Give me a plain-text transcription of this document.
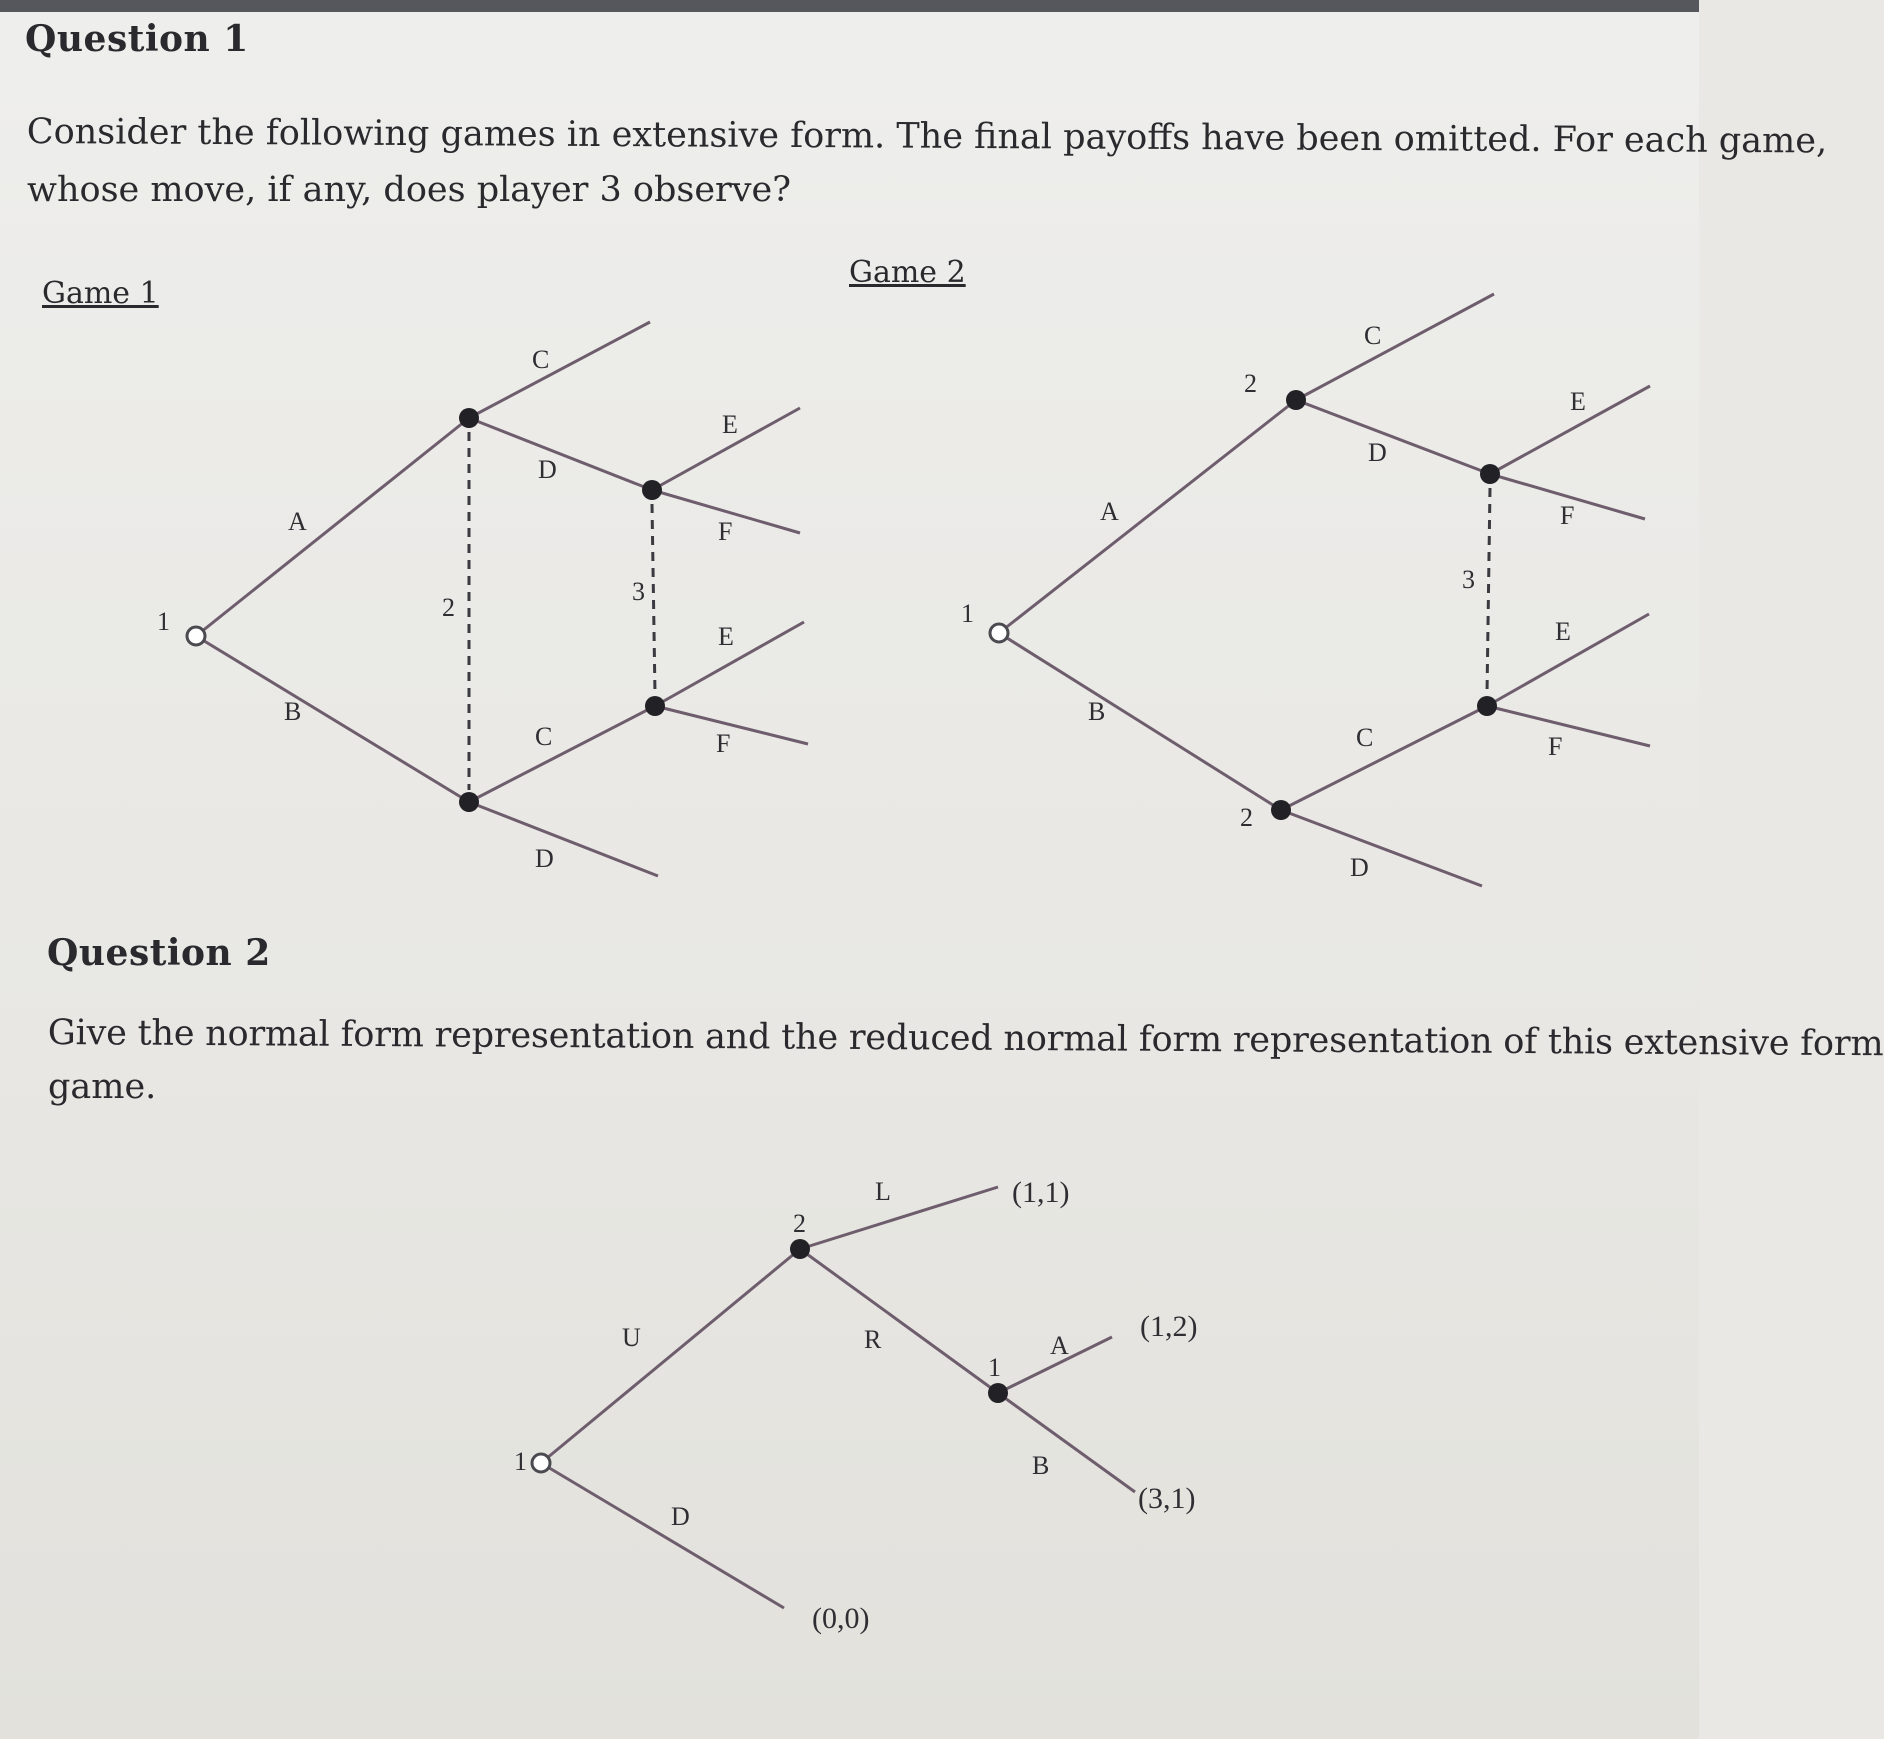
Question 1
Consider the following games in extensive form. The final payoffs have been omitted. For each game,
whose move, if any, does player 3 observe?
Game 1
Game 2
1
A
B
2
C
D
C
D
3
E
F
E
F
1
A
B
2
2
C
D
C
D
3
E
F
E
F
Question 2
Give the normal form representation and the reduced normal form representation of this extensive form
game.
1
U
D
2
L
R
1
A
B
(1,1)
(1,2)
(3,1)
(0,0)
